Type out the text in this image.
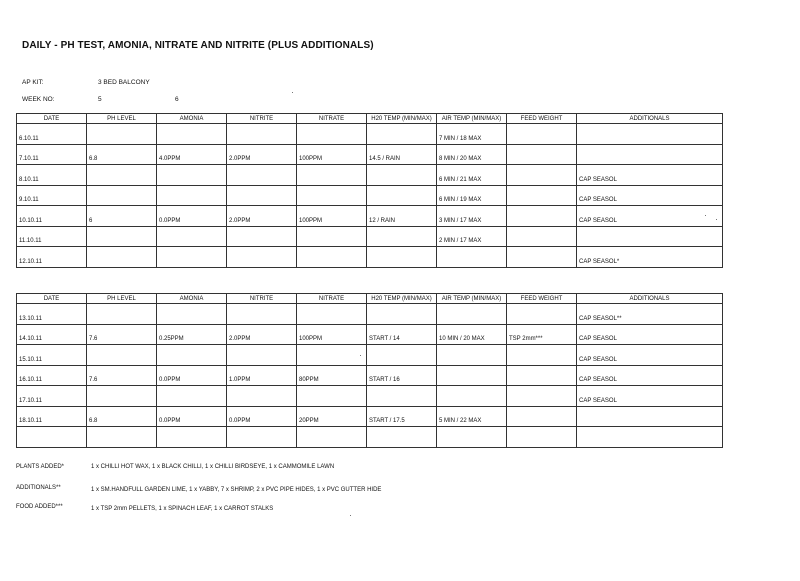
DAILY - PH TEST, AMONIA, NITRATE AND NITRITE (PLUS ADDITIONALS)
AP KIT:	3 BED BALCONY
WEEK NO:	5	6
DATE	PH LEVEL	AMONIA	NITRITE	NITRATE	H20 TEMP (MIN/MAX)	AIR TEMP (MIN/MAX)	FEED WEIGHT	ADDITIONALS
6.10.11						7 MIN / 18 MAX		
7.10.11	6.8	4.0PPM	2.0PPM	100PPM	14.5 / RAIN	8 MIN / 20 MAX		
8.10.11						6 MIN / 21 MAX		CAP SEASOL
9.10.11						6 MIN / 19 MAX		CAP SEASOL
10.10.11	6	0.0PPM	2.0PPM	100PPM	12 / RAIN	3 MIN / 17 MAX		CAP SEASOL
11.10.11						2 MIN / 17 MAX		
12.10.11								CAP SEASOL*
DATE	PH LEVEL	AMONIA	NITRITE	NITRATE	H20 TEMP (MIN/MAX)	AIR TEMP (MIN/MAX)	FEED WEIGHT	ADDITIONALS
13.10.11								CAP SEASOL**
14.10.11	7.6	0.25PPM	2.0PPM	100PPM	START / 14	10 MIN / 20 MAX	TSP 2mm***	CAP SEASOL
15.10.11								CAP SEASOL
16.10.11	7.6	0.0PPM	1.0PPM	80PPM	START / 16			CAP SEASOL
17.10.11								CAP SEASOL
18.10.11	6.8	0.0PPM	0.0PPM	20PPM	START / 17.5	5 MIN / 22 MAX		

PLANTS ADDED*	1 x CHILLI HOT WAX, 1 x BLACK CHILLI, 1 x CHILLI BIRDSEYE, 1 x CAMMOMILE LAWN
ADDITIONALS**	1 x SM.HANDFULL GARDEN LIME, 1 x YABBY, 7 x SHRIMP, 2 x PVC PIPE HIDES, 1 x PVC GUTTER HIDE
FOOD ADDED***	1 x TSP 2mm PELLETS, 1 x SPINACH LEAF, 1 x CARROT STALKS
